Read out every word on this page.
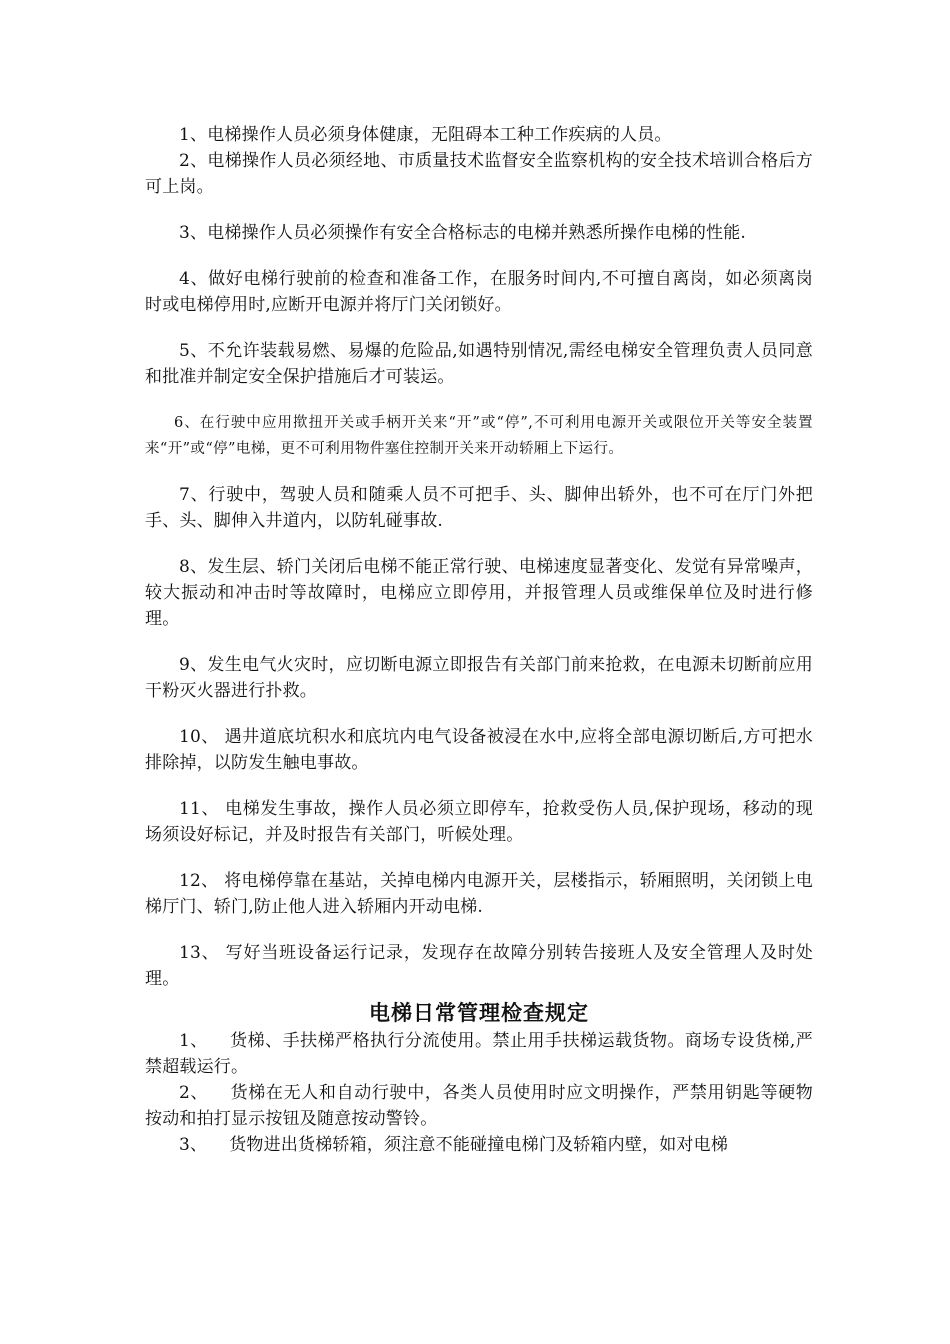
1、电梯操作人员必须身体健康，无阻碍本工种工作疾病的人员。

2、电梯操作人员必须经地、市质量技术监督安全监察机构的安全技术培训合格后方可上岗。

3、电梯操作人员必须操作有安全合格标志的电梯并熟悉所操作电梯的性能.

4、做好电梯行驶前的检查和准备工作，在服务时间内,不可擅自离岗，如必须离岗时或电梯停用时,应断开电源并将厅门关闭锁好。

5、不允许装载易燃、易爆的危险品,如遇特别情况,需经电梯安全管理负责人员同意和批准并制定安全保护措施后才可装运。

6、在行驶中应用揿扭开关或手柄开关来“开”或“停”,不可利用电源开关或限位开关等安全装置来“开”或“停”电梯，更不可利用物件塞住控制开关来开动轿厢上下运行。

7、行驶中，驾驶人员和随乘人员不可把手、头、脚伸出轿外，也不可在厅门外把手、头、脚伸入井道内，以防轧碰事故.

8、发生层、轿门关闭后电梯不能正常行驶、电梯速度显著变化、发觉有异常噪声，较大振动和冲击时等故障时，电梯应立即停用，并报管理人员或维保单位及时进行修理。

9、发生电气火灾时，应切断电源立即报告有关部门前来抢救，在电源未切断前应用干粉灭火器进行扑救。

10、 遇井道底坑积水和底坑内电气设备被浸在水中,应将全部电源切断后,方可把水排除掉，以防发生触电事故。

11、 电梯发生事故，操作人员必须立即停车，抢救受伤人员,保护现场，移动的现场须设好标记，并及时报告有关部门，听候处理。

12、 将电梯停靠在基站，关掉电梯内电源开关，层楼指示，轿厢照明，关闭锁上电梯厅门、轿门,防止他人进入轿厢内开动电梯.

13、 写好当班设备运行记录，发现存在故障分别转告接班人及安全管理人及时处理。

电梯日常管理检查规定

1、 货梯、手扶梯严格执行分流使用。禁止用手扶梯运载货物。商场专设货梯,严禁超载运行。

2、 货梯在无人和自动行驶中，各类人员使用时应文明操作，严禁用钥匙等硬物按动和拍打显示按钮及随意按动警铃。

3、 货物进出货梯轿箱，须注意不能碰撞电梯门及轿箱内壁，如对电梯
